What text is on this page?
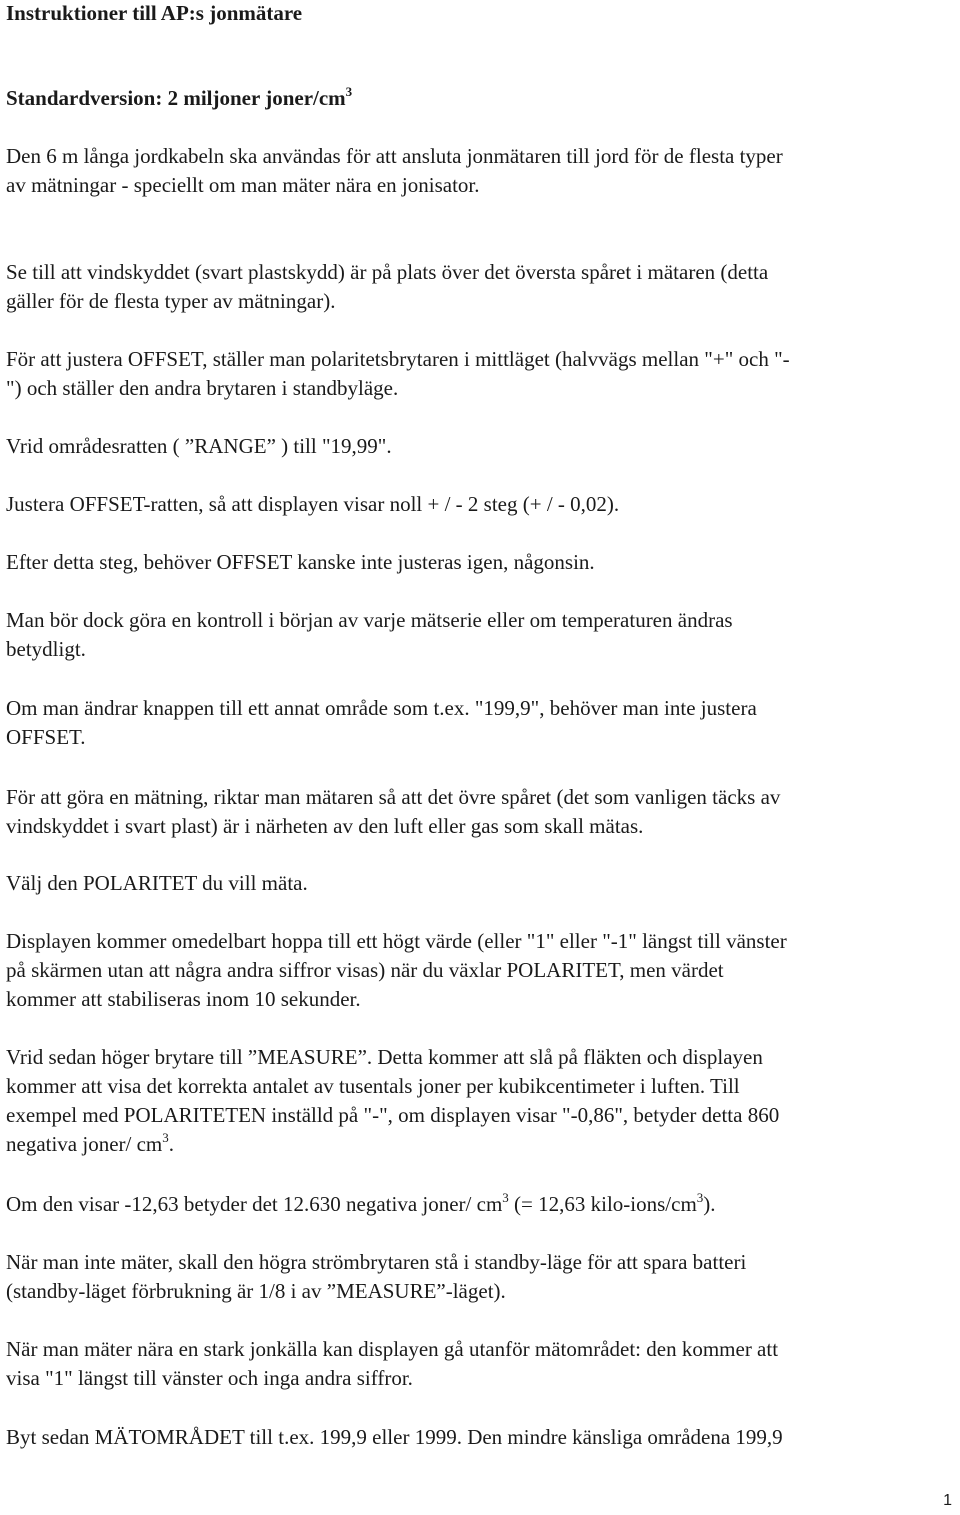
Instruktioner till AP:s jonmätare
Standardversion: 2 miljoner joner/$cm^3$

Den 6 m långa jordkabeln ska användas för att ansluta jonmätaren till jord för de flesta typer
av mätningar - speciellt om man mäter nära en jonisator.

Se till att vindskyddet (svart plastskydd) är på plats över det översta spåret i mätaren (detta
gäller för de flesta typer av mätningar).

För att justera OFFSET, ställer man polaritetsbrytaren i mittläget (halvvägs mellan "+" och "-
") och ställer den andra brytaren i standbyläge.

Vrid områdesratten ( ”RANGE” ) till "19,99".

Justera OFFSET-ratten, så att displayen visar noll + / - 2 steg (+ / - 0,02).

Efter detta steg, behöver OFFSET kanske inte justeras igen, någonsin.

Man bör dock göra en kontroll i början av varje mätserie eller om temperaturen ändras
betydligt.

Om man ändrar knappen till ett annat område som t.ex. "199,9", behöver man inte justera
OFFSET.

För att göra en mätning, riktar man mätaren så att det övre spåret (det som vanligen täcks av
vindskyddet i svart plast) är i närheten av den luft eller gas som skall mätas.

Välj den POLARITET du vill mäta.

Displayen kommer omedelbart hoppa till ett högt värde (eller "1" eller "-1" längst till vänster
på skärmen utan att några andra siffror visas) när du växlar POLARITET, men värdet
kommer att stabiliseras inom 10 sekunder.

Vrid sedan höger brytare till ”MEASURE”. Detta kommer att slå på fläkten och displayen
kommer att visa det korrekta antalet av tusentals joner per kubikcentimeter i luften. Till
exempel med POLARITETEN inställd på "-", om displayen visar "-0,86", betyder detta 860
negativa joner/ $cm^3$.

Om den visar -12,63 betyder det 12.630 negativa joner/ $cm^3$ (= 12,63 kilo-$ions/cm^3$).

När man inte mäter, skall den högra strömbrytaren stå i standby-läge för att spara batteri
(standby-läget förbrukning är 1/8 i av ”MEASURE”-läget).

När man mäter nära en stark jonkälla kan displayen gå utanför mätområdet: den kommer att
visa "1" längst till vänster och inga andra siffror.

Byt sedan MÄTOMRÅDET till t.ex. 199,9 eller 1999. Den mindre känsliga områdena 199,9

1
